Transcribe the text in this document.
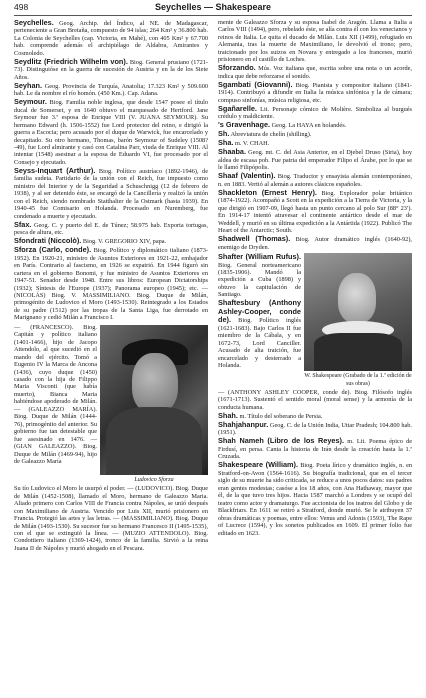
498	Seychelles — Shakespeare
Seychelles. Geog. Archip. del Índico, al NE. de Madagascar, perteneciente a Gran Bretaña, compuesto de 94 islas; 264 Km² y 36.800 hab. La Colonia de Seychelles (cap. Victoria, en Mahé), con 405 Km² y 67.700 hab. comprende además el archipiélago de Aldabra, Amirantes y Cosmoledo.
Seydlitz (Friedrich Wilhelm von). Biog. General prusiano (1721-73). Distinguióse en la guerra de sucesión de Austria y en la de los Siete Años.
Seyhan. Geog. Provincia de Turquía, Anatolia; 17.323 Km² y 509.600 hab. Le da nombre el río homón. (450 Km.). Cap. Adana.
Seymour. Biog. Familia noble inglesa, que desde 1547 posee el título ducal de Somerset, y en 1640 obtuvo el marquesado de Hertford. Jane Seymour fue 3.ª esposa de Enrique VIII (V. JUANA SEYMOUR). Su hermano Edward (h. 1506-1552) fue Lord protector del reino, e dirigió la guerra a Escocia; pero acusado por el duque de Warwick, fue encarcelado y decapitado. Su otro hermano, Thomas, barón Seymour of Sudeley (1508?-49), fue Lord almirante y casó con Catalina Parr, viuda de Enrique VIII. Al intentar (1548) asesinar a la esposa de Eduardo VI, fue procesado por el Consejo y ejecutado.
Seyss-Inquart (Arthur). Biog. Político austríaco (1892-1946), de familia sudeta. Partidario de la unión con el Reich, fue impuesto como ministro del Interior y de la Seguridad a Schuschnigg (12 de febrero de 1938), y al ser detenido éste, se encargó de la Cancillería y realizó la unión con el Reich, siendo nombrado Statthalter de la Ostmark (hasta 1939). En 1940-45 fue Comisario en Holanda. Procesado en Nuremberg, fue condenado a muerte y ejecutado.
Sfax. Geog. C. y puerto del E. de Túnez; 58.975 hab. Exporta tortugas, pesca de altura, etc.
Sfondrati (Niccolò). Biog. V. GREGORIO XIV, papa.
Sforza (Carlo, conde). Biog. Político y diplomático italiano (1873-1952). En 1920-21, ministro de Asuntos Exteriores en 1921-22, embajador en París. Contrario al fascismo, en 1926 se expatrió. En 1944 figuró sin cartera en el gobierno Bonomi, y fue ministro de Asuntos Exteriores en 1947-51. Senador desde 1948. Entre sus libros: European Dictatorships (1932); Síntesis de l'Europe (1937); Panorama europeo (1945); etc. — (NICOLÁS) Biog. V. MASSIMILIANO. Biog. Duque de Milán, primogénito de Ludovico el Moro (1493-1530). Reintegrado a los Estados de su padre (1512) por las tropas de la Santa Liga, fue derrotado en Marignano y cedió Milán a Francisco I.
— (FRANCESCO). Biog. Capitán y político italiano (1401-1466), hijo de Jacopo Attendolo, al que sucedió en el mando del ejército. Tomó a Eugenio IV la Marca de Ancona (1436), cuyo duque (1450) casado con la hija de Filippo Maria Visconti (que había muerto), Bianca Maria habiéndose apoderado de Milán. — (GALEAZZO MARÍA). Biog. Duque de Milán (1444-76), primogénito del anterior. Su gobierno fue tan detestable que fue asesinado en 1476. — (GIAN GALEAZZO). Biog. Duque de Milán (1469-94), hijo de Galeazzo María
Ludovico Sforza
Su tío Ludovico el Moro le usurpó el poder. — (LUDOVICO). Biog. Duque de Milán (1452-1508), llamado el Moro, hermano de Galeazzo Maria. Aliado primero con Carlos VIII de Francia contra Nápoles, se unió después con Maximiliano de Austria. Vencido por Luis XII, murió prisionero en Francia. Protegió las artes y las letras. — (MASSIMILIANO). Biog. Duque de Milán (1493-1530). Su sucesor fue su hermano Francesco II (1495-1535), con el que se extinguió la línea. — (MUZIO ATTENDOLO). Biog. Condottiero italiano (1369-1424), tronco de la familia. Sirvió a la reina Juana II de Nápoles y murió ahogado en el Pescara.
mente de Galeazzo Sforza y su esposa Isabel de Aragón. Llama a Italia a Carlos VIII (1494), pero, rebelado éste, se alía contra él con los venecianos y reinos de Italia. Le quita el ducado de Milán. Luis XII (1499), refugiado en Alemania, tras la muerte de Maximiliano, le devolvió el trono; pero, traicionado por los suizos en Novara y entregado a los franceses, murió prisionero en el castillo de Loches.
Sforzando. Mús. Voz italiana que, escrita sobre una nota o un acorde, indica que debe reforzarse el sonido.
Sgambati (Giovanni). Biog. Pianista y compositor italiano (1841-1914). Contribuyó a difundir en Italia la música sinfónica y la de cámara; compuso sinfonías, música religiosa, etc.
Sgañarelle. Lit. Personaje cómico de Molière. Simboliza al burgués crédulo y maldiciente.
's Gravenhage. Geog. La HAYA en holandés.
Sh. Abreviatura de chelín (shilling).
Sha. m. V. CHAH.
Shaaba. Geog. mt. C. del Asia Anterior, en el Djebel Druso (Siria), hoy aldea de escasa pob. Fue patria del emperador Filipo el Árabe, por lo que se le llamó Filipópolis.
Shaaf (Valentin). Biog. Traductor y ensayista alemán contemporáneo, n. en 1883. Vertió al alemán a autores clásicos españoles.
Shackleton (Ernest Henry). Biog. Explorador polar británico (1874-1922). Acompañó a Scott en la expedición a la Tierra de Victoria, y la que dirigió en 1907-09, llegó hasta un punto cercano al polo Sur (88° 23′). En 1914-17 intentó atravesar el continente antártico desde el mar de Weddell, y murió en su última expedición a la Antártida (1922). Publicó The Heart of the Antarctic; South.
Shadwell (Thomas). Biog. Autor dramático inglés (1640-92), enemigo de Dryden.
Shafter (William Rufus). Biog. General norteamericano (1835-1906). Mandó la expedición a Cuba (1898) y obtuvo la capitulación de Santiago.
Shaftesbury (Anthony Ashley-Cooper, conde de). Biog. Político inglés (1621-1683). Bajo Carlos II fue miembro de la Cábala, y en 1672-73, Lord Canciller. Acusado de alta traición, fue encarcelado y desterrado a Holanda.
W. Shakespeare (Grabado de la 1.ª edición de sus obras)
— (ANTHONY ASHLEY COOPER, conde de). Biog. Filósofo inglés (1671-1713). Sustentó el sentido moral (moral sense) y la armonía de la conducta humana.
Shah. m. Título del soberano de Persia.
Shahjahanpur. Geog. C. de la Unión India, Uttar Pradesh; 104.800 hab. (1951).
Shah Nameh (Libro de los Reyes). m. Lit. Poema épico de Firdusí, en persa. Canta la historia de Irán desde la creación hasta la 1.ª Cruzada.
Shakespeare (William). Biog. Poeta lírico y dramático inglés, n. en Stratford-on-Avon (1564-1616). Su biografía tradicional, que en el tercer siglo de su muerte ha sido criticada, se reduce a unos pocos datos: sus padres eran gentes modestas; casóse a los 18 años, con Ana Hathaway, mayor que él, de la que tuvo tres hijos. Hacia 1587 marchó a Londres y se ocupó del teatro como actor y dramaturgo. Fue accionista de los teatros del Globo y de Blackfriars. En 1611 se retiró a Stratford, donde murió. Se le atribuyen 37 obras dramáticas y poemas, entre ellos: Venus and Adonis (1593), The Rape of Lucrece (1594), y los sonetos publicados en 1609. El primer folio fue editado en 1623.
